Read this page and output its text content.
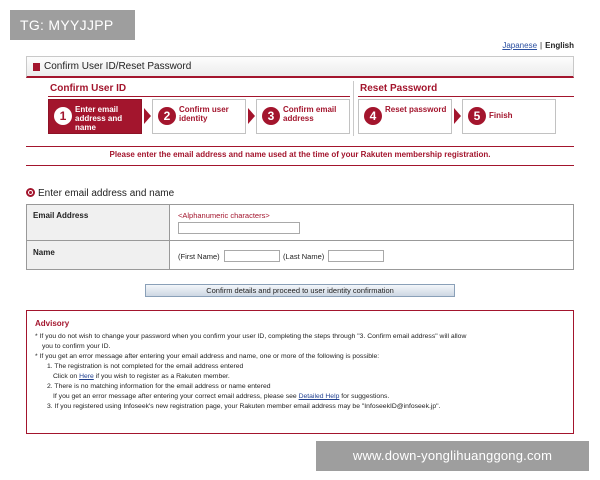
TG: MYYJJPP
Japanese | English
Confirm User ID/Reset Password
Confirm User ID	Reset Password
1	Enter email address and name
2	Confirm user identity	3	Confirm email address	4	Reset password	5	Finish
Please enter the email address and name used at the time of your Rakuten membership registration.
Enter email address and name
Email Address	<Alphanumeric characters>
Name	(First Name)	(Last Name)
Confirm details and proceed to user identity confirmation
Advisory
* If you do not wish to change your password when you confirm your user ID, completing the steps through "3. Confirm email address" will allow
you to confirm your ID.
* If you get an error message after entering your email address and name, one or more of the following is possible:
1. The registration is not completed for the email address entered
Click on Here if you wish to register as a Rakuten member.
2. There is no matching information for the email address or name entered
If you get an error message after entering your correct email address, please see Detailed Help for suggestions.
3. If you registered using Infoseek's new registration page, your Rakuten member email address may be "InfoseekID@infoseek.jp".
www.down-yonglihuanggong.com
